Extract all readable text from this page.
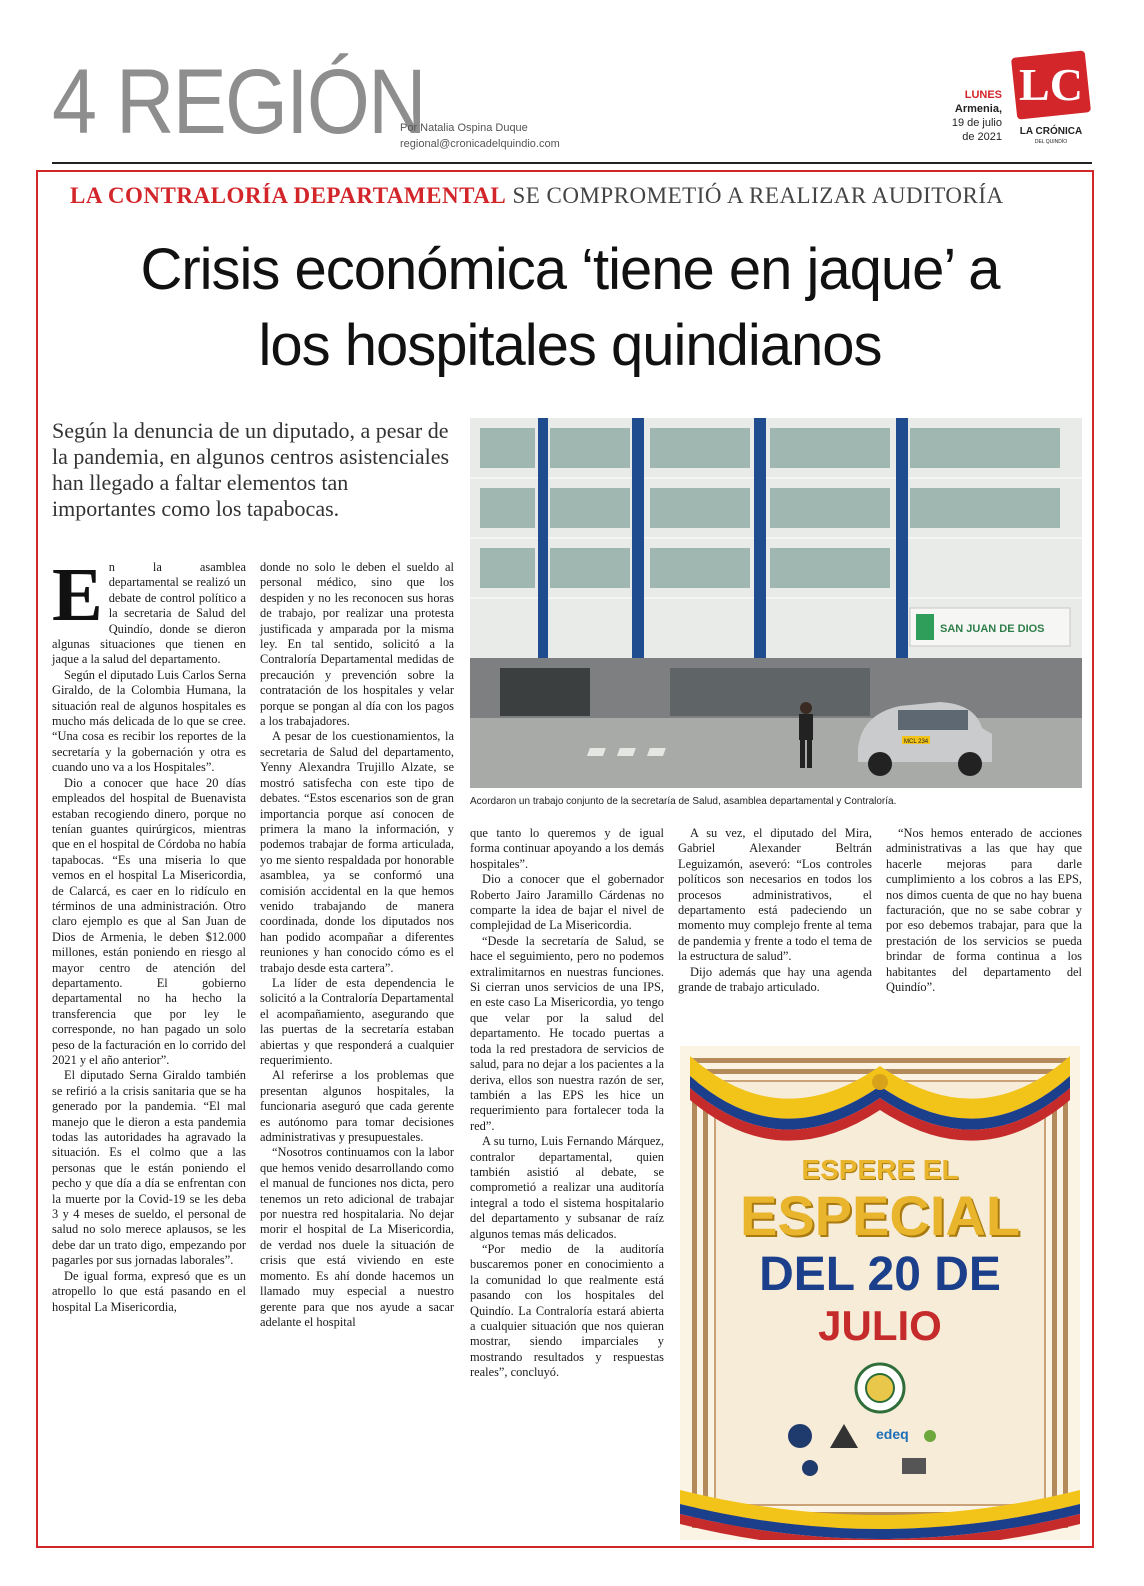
4 REGIÓN
Por Natalia Ospina Duque
regional@cronicadelquindio.com
LUNES
Armenia,
19 de julio
de 2021
LC
LA CRÓNICA
DEL QUINDÍO
LA CONTRALORÍA DEPARTAMENTAL SE COMPROMETIÓ A REALIZAR AUDITORÍA
Crisis económica ‘tiene en jaque’ a
los hospitales quindianos
Según la denuncia de un diputado, a pesar de la pandemia, en algunos centros asistenciales han llegado a faltar elementos tan importantes como los tapabocas.
SAN JUAN DE DIOS
MCL 234
Acordaron un trabajo conjunto de la secretaría de Salud, asamblea departamental y Contraloría.
E n la asamblea departamental se realizó un debate de control político a la secretaria de Salud del Quindío, donde se dieron algunas situaciones que tienen en jaque a la salud del departamento.

Según el diputado Luis Carlos Serna Giraldo, de la Colombia Humana, la situación real de algunos hospitales es mucho más delicada de lo que se cree. “Una cosa es recibir los reportes de la secretaría y la gobernación y otra es cuando uno va a los Hospitales”.

Dio a conocer que hace 20 días empleados del hospital de Buenavista estaban recogiendo dinero, porque no tenían guantes quirúrgicos, mientras que en el hospital de Córdoba no había tapabocas. “Es una miseria lo que vemos en el hospital La Misericordia, de Calarcá, es caer en lo ridículo en términos de una administración. Otro claro ejemplo es que al San Juan de Dios de Armenia, le deben $12.000 millones, están poniendo en riesgo al mayor centro de atención del departamento. El gobierno departamental no ha hecho la transferencia que por ley le corresponde, no han pagado un solo peso de la facturación en lo corrido del 2021 y el año anterior”.

El diputado Serna Giraldo también se refirió a la crisis sanitaria que se ha generado por la pandemia. “El mal manejo que le dieron a esta pandemia todas las autoridades ha agravado la situación. Es el colmo que a las personas que le están poniendo el pecho y que día a día se enfrentan con la muerte por la Covid-19 se les deba 3 y 4 meses de sueldo, el personal de salud no solo merece aplausos, se les debe dar un trato digo, empezando por pagarles por sus jornadas laborales”.

De igual forma, expresó que es un atropello lo que está pasando en el hospital La Misericordia,

donde no solo le deben el sueldo al personal médico, sino que los despiden y no les reconocen sus horas de trabajo, por realizar una protesta justificada y amparada por la misma ley. En tal sentido, solicitó a la Contraloría Departamental medidas de precaución y prevención sobre la contratación de los hospitales y velar porque se pongan al día con los pagos a los trabajadores.

A pesar de los cuestionamientos, la secretaria de Salud del departamento, Yenny Alexandra Trujillo Alzate, se mostró satisfecha con este tipo de debates. “Estos escenarios son de gran importancia porque así conocen de primera la mano la información, y podemos trabajar de forma articulada, yo me siento respaldada por honorable asamblea, ya se conformó una comisión accidental en la que hemos venido trabajando de manera coordinada, donde los diputados nos han podido acompañar a diferentes reuniones y han conocido cómo es el trabajo desde esta cartera”.

La líder de esta dependencia le solicitó a la Contraloría Departamental el acompañamiento, asegurando que las puertas de la secretaría estaban abiertas y que responderá a cualquier requerimiento.

Al referirse a los problemas que presentan algunos hospitales, la funcionaria aseguró que cada gerente es autónomo para tomar decisiones administrativas y presupuestales.

“Nosotros continuamos con la labor que hemos venido desarrollando como el manual de funciones nos dicta, pero tenemos un reto adicional de trabajar por nuestra red hospitalaria. No dejar morir el hospital de La Misericordia, de verdad nos duele la situación de crisis que está viviendo en este momento. Es ahí donde hacemos un llamado muy especial a nuestro gerente para que nos ayude a sacar adelante el hospital

que tanto lo queremos y de igual forma continuar apoyando a los demás hospitales”.

Dio a conocer que el gobernador Roberto Jairo Jaramillo Cárdenas no comparte la idea de bajar el nivel de complejidad de La Misericordia.

“Desde la secretaría de Salud, se hace el seguimiento, pero no podemos extralimitarnos en nuestras funciones. Si cierran unos servicios de una IPS, en este caso La Misericordia, yo tengo que velar por la salud del departamento. He tocado puertas a toda la red prestadora de servicios de salud, para no dejar a los pacientes a la deriva, ellos son nuestra razón de ser, también a las EPS les hice un requerimiento para fortalecer toda la red”.

A su turno, Luis Fernando Márquez, contralor departamental, quien también asistió al debate, se comprometió a realizar una auditoría integral a todo el sistema hospitalario del departamento y subsanar de raíz algunos temas más delicados.

“Por medio de la auditoría buscaremos poner en conocimiento a la comunidad lo que realmente está pasando con los hospitales del Quindío. La Contraloría estará abierta a cualquier situación que nos quieran mostrar, siendo imparciales y mostrando resultados y respuestas reales”, concluyó.

A su vez, el diputado del Mira, Gabriel Alexander Beltrán Leguizamón, aseveró: “Los controles políticos son necesarios en todos los procesos administrativos, el departamento está padeciendo un momento muy complejo frente al tema de pandemia y frente a todo el tema de la estructura de salud”.

Dijo además que hay una agenda grande de trabajo articulado.

“Nos hemos enterado de acciones administrativas a las que hay que hacerle mejoras para darle cumplimiento a los cobros a las EPS, nos dimos cuenta de que no hay buena facturación, que no se sabe cobrar y por eso debemos trabajar, para que la prestación de los servicios se pueda brindar de forma continua a los habitantes del departamento del Quindío”.

ESPERE EL
ESPECIAL
DEL 20 DE
JULIO
edeq
